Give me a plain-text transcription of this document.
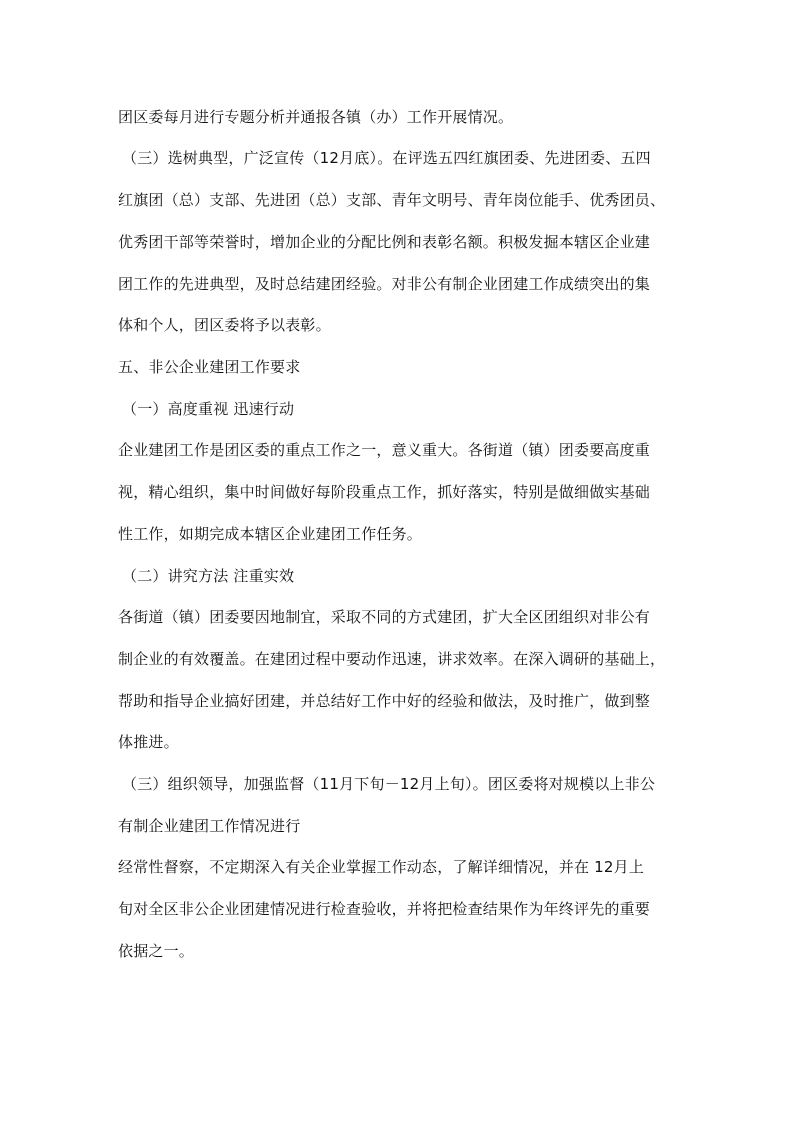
团区委每月进行专题分析并通报各镇（办）工作开展情况。
（三）选树典型，广泛宣传（12月底）。在评选五四红旗团委、先进团委、五四
红旗团（总）支部、先进团（总）支部、青年文明号、青年岗位能手、优秀团员、
优秀团干部等荣誉时，增加企业的分配比例和表彰名额。积极发掘本辖区企业建
团工作的先进典型，及时总结建团经验。对非公有制企业团建工作成绩突出的集
体和个人，团区委将予以表彰。
五、非公企业建团工作要求
（一）高度重视 迅速行动
企业建团工作是团区委的重点工作之一，意义重大。各街道（镇）团委要高度重
视，精心组织，集中时间做好每阶段重点工作，抓好落实，特别是做细做实基础
性工作，如期完成本辖区企业建团工作任务。
（二）讲究方法 注重实效
各街道（镇）团委要因地制宜，采取不同的方式建团，扩大全区团组织对非公有
制企业的有效覆盖。在建团过程中要动作迅速，讲求效率。在深入调研的基础上，
帮助和指导企业搞好团建，并总结好工作中好的经验和做法，及时推广，做到整
体推进。
（三）组织领导，加强监督（11月下旬－12月上旬）。团区委将对规模以上非公
有制企业建团工作情况进行
经常性督察，不定期深入有关企业掌握工作动态，了解详细情况，并在 12月上
旬对全区非公企业团建情况进行检查验收，并将把检查结果作为年终评先的重要
依据之一。
